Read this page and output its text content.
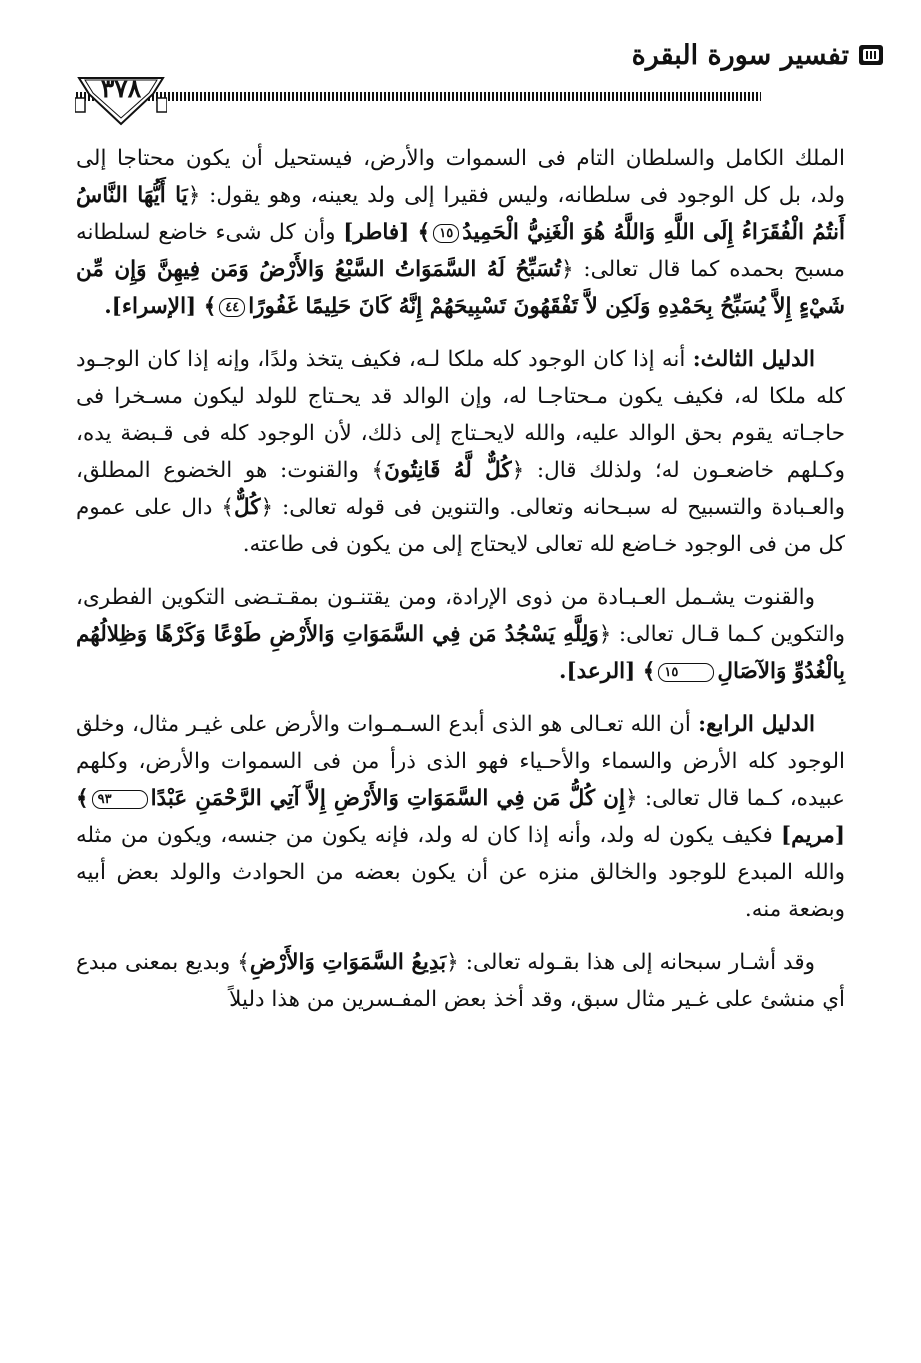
تفسير سورة البقرة
٣٧٨

الملك الكامل والسلطان التام فى السموات والأرض، فيستحيل أن يكون محتاجا إلى ولد، بل كل الوجود فى سلطانه، وليس فقيرا إلى ولد يعينه، وهو يقول: ﴿يَا أَيُّهَا النَّاسُ أَنتُمُ الْفُقَرَاءُ إِلَى اللَّهِ وَاللَّهُ هُوَ الْغَنِيُّ الْحَمِيدُ١٥﴾ [فاطر] وأن كل شىء خاضع لسلطانه مسبح بحمده كما قال تعالى: ﴿تُسَبِّحُ لَهُ السَّمَوَاتُ السَّبْعُ وَالأَرْضُ وَمَن فِيهِنَّ وَإِن مِّن شَيْءٍ إِلاَّ يُسَبِّحُ بِحَمْدِهِ وَلَكِن لاَّ تَفْقَهُونَ تَسْبِيحَهُمْ إِنَّهُ كَانَ حَلِيمًا غَفُورًا٤٤﴾ [الإسراء].

الدليل الثالث: أنه إذا كان الوجود كله ملكا لـه، فكيف يتخذ ولدًا، وإنه إذا كان الوجـود كله ملكا له، فكيف يكون مـحتاجـا له، وإن الوالد قد يحـتاج للولد ليكون مسـخرا فى حاجـاته يقوم بحق الوالد عليه، والله لايحـتاج إلى ذلك، لأن الوجود كله فى قـبضة يده، وكـلهم خاضعـون له؛ ولذلك قال: ﴿كُلٌّ لَّهُ قَانِتُونَ﴾ والقنوت: هو الخضوع المطلق، والعـبادة والتسبيح له سبـحانه وتعالى. والتنوين فى قوله تعالى: ﴿كُلٌّ﴾ دال على عموم كل من فى الوجود خـاضع لله تعالى لايحتاج إلى من يكون فى طاعته.

والقنوت يشـمل العـبـادة من ذوى الإرادة، ومن يقتنـون بمقـتـضى التكوين الفطرى، والتكوين كـما قـال تعالى: ﴿وَلِلَّهِ يَسْجُدُ مَن فِي السَّمَوَاتِ وَالأَرْضِ طَوْعًا وَكَرْهًا وَظِلالُهُم بِالْغُدُوِّ وَالآصَالِ١٥﴾ [الرعد].

الدليل الرابع: أن الله تعـالى هو الذى أبدع السـمـوات والأرض على غيـر مثال، وخلق الوجود كله الأرض والسماء والأحـياء فهو الذى ذرأ من فى السموات والأرض، وكلهم عبيده، كـما قال تعالى: ﴿إِن كُلُّ مَن فِي السَّمَوَاتِ وَالأَرْضِ إِلاَّ آتِي الرَّحْمَنِ عَبْدًا٩٣﴾ [مريم] فكيف يكون له ولد، وأنه إذا كان له ولد، فإنه يكون من جنسه، ويكون من مثله والله المبدع للوجود والخالق منزه عن أن يكون بعضه من الحوادث والولد بعض أبيه وبضعة منه.

وقد أشـار سبحانه إلى هذا بقـوله تعالى: ﴿بَدِيعُ السَّمَوَاتِ وَالأَرْضِ﴾ وبديع بمعنى مبدع أي منشئ على غـير مثال سبق، وقد أخذ بعض المفـسرين من هذا دليلاً
